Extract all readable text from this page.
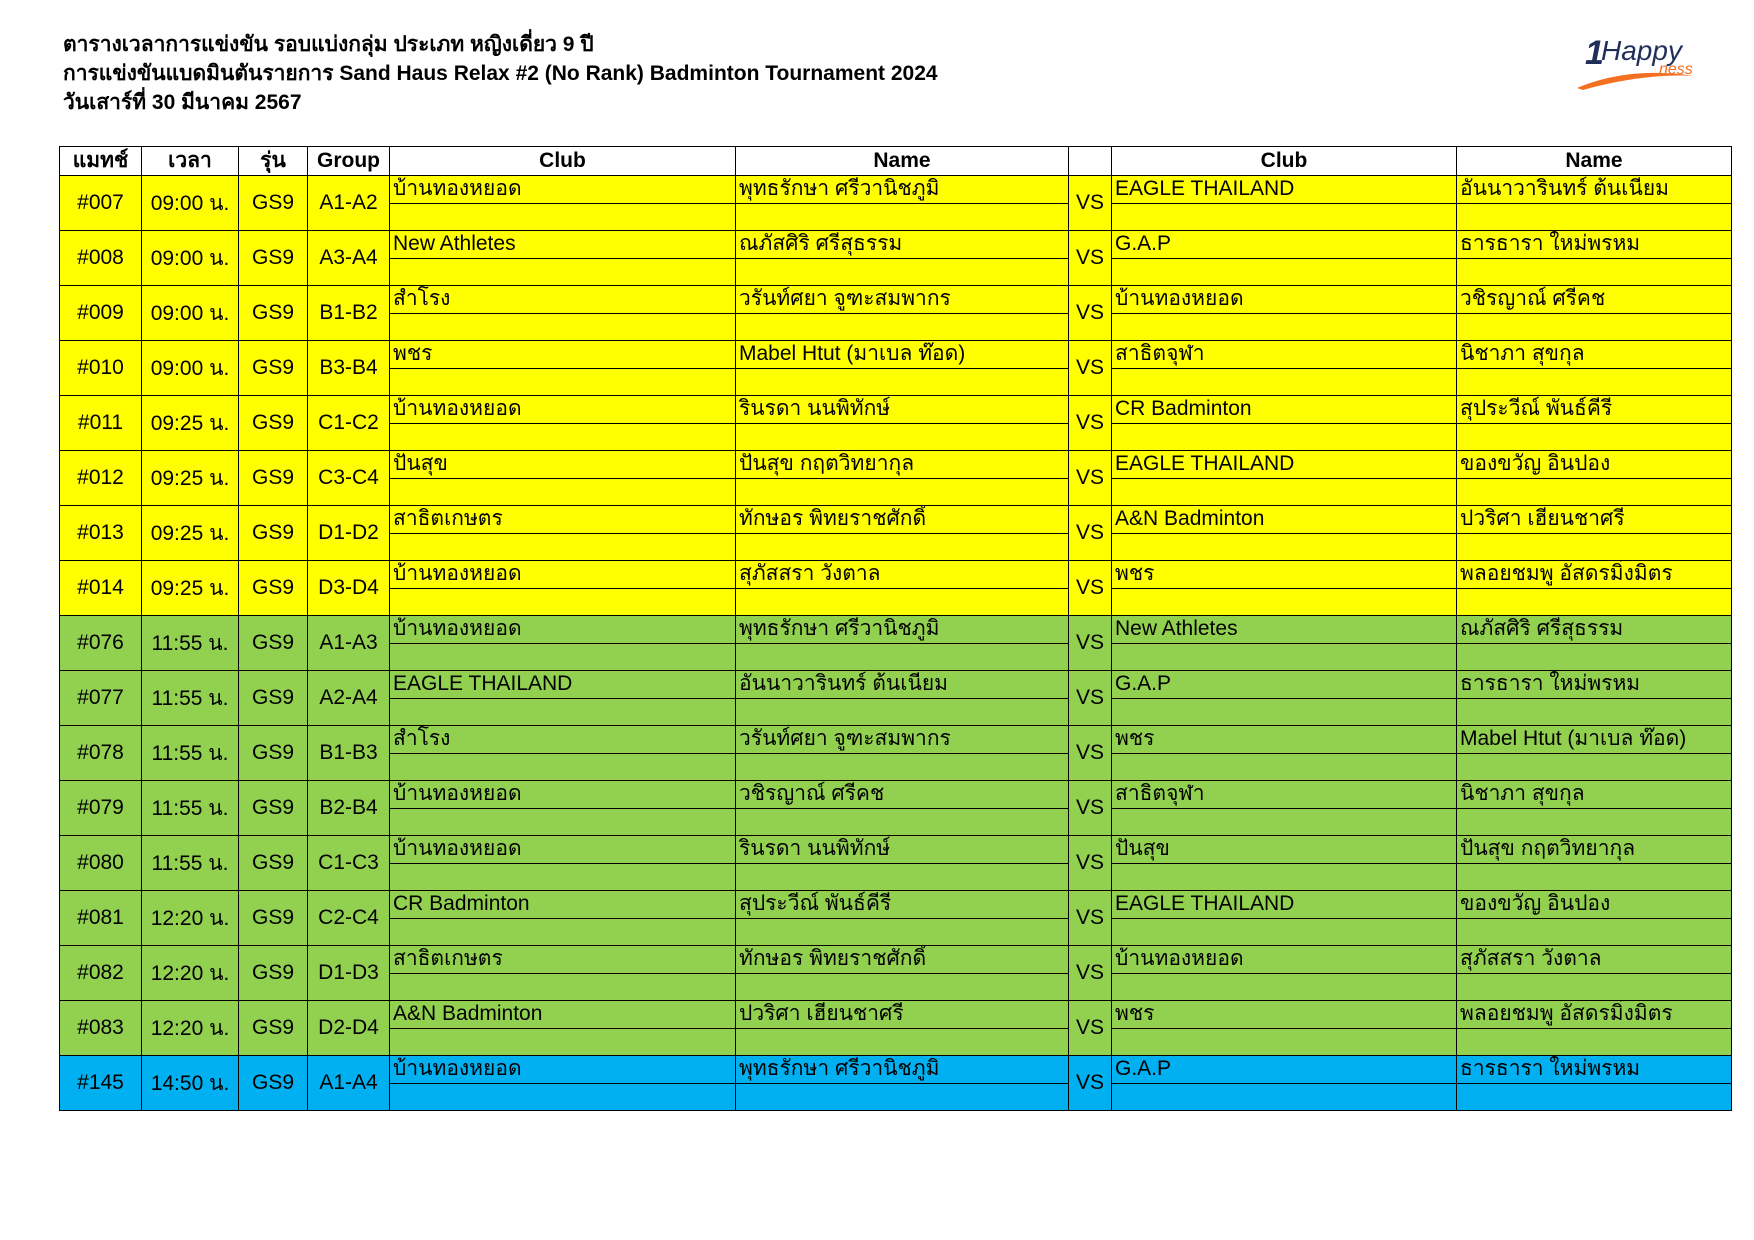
ตารางเวลาการแข่งขัน รอบแบ่งกลุ่ม ประเภท หญิงเดี่ยว 9 ปี
การแข่งขันแบดมินตันรายการ Sand Haus Relax #2 (No Rank) Badminton Tournament 2024
วันเสาร์ที่ 30 มีนาคม 2567
1
Happy
ness
แมทช์	เวลา	รุ่น	Group	Club	Name		Club	Name
#007	09:00 น.	GS9	A1-A2	บ้านทองหยอด	พุทธรักษา ศรีวานิชภูมิ	VS	EAGLE THAILAND	อันนาวารินทร์ ต้นเนียม

#008	09:00 น.	GS9	A3-A4	New Athletes	ณภัสศิริ ศรีสุธรรม	VS	G.A.P	ธารธารา ใหม่พรหม

#009	09:00 น.	GS9	B1-B2	สำโรง	วรันท์ศยา จูฑะสมพากร	VS	บ้านทองหยอด	วชิรญาณ์ ศรีคช

#010	09:00 น.	GS9	B3-B4	พชร	Mabel Htut (มาเบล ท๊อด)	VS	สาธิตจุฬา	นิชาภา สุขกุล

#011	09:25 น.	GS9	C1-C2	บ้านทองหยอด	รินรดา นนพิทักษ์	VS	CR Badminton	สุประวีณ์ พันธ์คีรี

#012	09:25 น.	GS9	C3-C4	ปันสุข	ปันสุข กฤตวิทยากุล	VS	EAGLE THAILAND	ของขวัญ อินปอง

#013	09:25 น.	GS9	D1-D2	สาธิตเกษตร	ทักษอร พิทยราชศักดิ์	VS	A&N Badminton	ปวริศา เฮียนชาศรี

#014	09:25 น.	GS9	D3-D4	บ้านทองหยอด	สุภัสสรา วังตาล	VS	พชร	พลอยชมพู อัสดรมิ่งมิตร

#076	11:55 น.	GS9	A1-A3	บ้านทองหยอด	พุทธรักษา ศรีวานิชภูมิ	VS	New Athletes	ณภัสศิริ ศรีสุธรรม

#077	11:55 น.	GS9	A2-A4	EAGLE THAILAND	อันนาวารินทร์ ต้นเนียม	VS	G.A.P	ธารธารา ใหม่พรหม

#078	11:55 น.	GS9	B1-B3	สำโรง	วรันท์ศยา จูฑะสมพากร	VS	พชร	Mabel Htut (มาเบล ท๊อด)

#079	11:55 น.	GS9	B2-B4	บ้านทองหยอด	วชิรญาณ์ ศรีคช	VS	สาธิตจุฬา	นิชาภา สุขกุล

#080	11:55 น.	GS9	C1-C3	บ้านทองหยอด	รินรดา นนพิทักษ์	VS	ปันสุข	ปันสุข กฤตวิทยากุล

#081	12:20 น.	GS9	C2-C4	CR Badminton	สุประวีณ์ พันธ์คีรี	VS	EAGLE THAILAND	ของขวัญ อินปอง

#082	12:20 น.	GS9	D1-D3	สาธิตเกษตร	ทักษอร พิทยราชศักดิ์	VS	บ้านทองหยอด	สุภัสสรา วังตาล

#083	12:20 น.	GS9	D2-D4	A&N Badminton	ปวริศา เฮียนชาศรี	VS	พชร	พลอยชมพู อัสดรมิ่งมิตร

#145	14:50 น.	GS9	A1-A4	บ้านทองหยอด	พุทธรักษา ศรีวานิชภูมิ	VS	G.A.P	ธารธารา ใหม่พรหม
